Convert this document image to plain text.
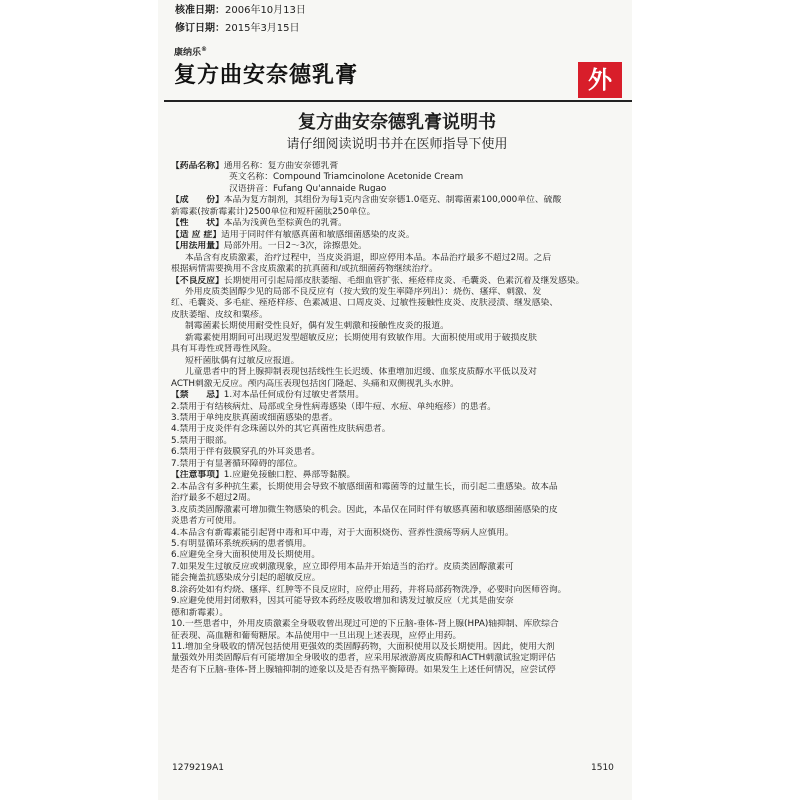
核准日期：2006年10月13日
修订日期：2015年3月15日
康纳乐®
复方曲安奈德乳膏	外
复方曲安奈德乳膏说明书
请仔细阅读说明书并在医师指导下使用
【药品名称】通用名称：复方曲安奈德乳膏
英文名称：Compound Triamcinolone Acetonide Cream
汉语拼音：Fufang Qu'annaide Rugao
【成　　份】本品为复方制剂，其组份为每1克内含曲安奈德1.0毫克、制霉菌素100,000单位、硫酸
新霉素(按新霉素计)2500单位和短杆菌肽250单位。
【性　　状】本品为浅黄色至棕黄色的乳膏。
【适 应 症】适用于同时伴有敏感真菌和敏感细菌感染的皮炎。
【用法用量】局部外用。一日2～3次，涂擦患处。
本品含有皮质激素，治疗过程中，当皮炎消退，即应停用本品。本品治疗最多不超过2周。之后
根据病情需要换用不含皮质激素的抗真菌和/或抗细菌药物继续治疗。
【不良反应】长期使用可引起局部皮肤萎缩、毛细血管扩张、痤疮样皮炎、毛囊炎、色素沉着及继发感染。
外用皮质类固醇少见的局部不良反应有（按大致的发生率降序列出）：烧伤、瘙痒、刺激、发
红、毛囊炎、多毛症、痤疮样疹、色素减退、口周皮炎、过敏性接触性皮炎、皮肤浸渍、继发感染、
皮肤萎缩、皮纹和粟疹。
制霉菌素长期使用耐受性良好，偶有发生刺激和接触性皮炎的报道。
新霉素使用期间可出现迟发型超敏反应；长期使用有致敏作用。大面积使用或用于破损皮肤
具有耳毒性或肾毒性风险。
短杆菌肽偶有过敏反应报道。
儿童患者中的肾上腺抑制表现包括线性生长迟缓、体重增加迟缓、血浆皮质醇水平低以及对
ACTH刺激无反应。颅内高压表现包括囟门隆起、头痛和双侧视乳头水肿。
【禁　　忌】1.对本品任何成份有过敏史者禁用。
2.禁用于有结核病灶、局部或全身性病毒感染（即牛痘、水痘、单纯疱疹）的患者。
3.禁用于单纯皮肤真菌或细菌感染的患者。
4.禁用于皮炎伴有念珠菌以外的其它真菌性皮肤病患者。
5.禁用于眼部。
6.禁用于伴有鼓膜穿孔的外耳炎患者。
7.禁用于有显著循环障碍的部位。
【注意事项】1.应避免接触口腔、鼻部等黏膜。
2.本品含有多种抗生素，长期使用会导致不敏感细菌和霉菌等的过量生长，而引起二重感染。故本品
治疗最多不超过2周。
3.皮质类固醇激素可增加微生物感染的机会。因此，本品仅在同时伴有敏感真菌和敏感细菌感染的皮
炎患者方可使用。
4.本品含有新霉素能引起肾中毒和耳中毒，对于大面积烧伤、营养性溃疡等病人应慎用。
5.有明显循环系统疾病的患者慎用。
6.应避免全身大面积使用及长期使用。
7.如果发生过敏反应或刺激现象，应立即停用本品并开始适当的治疗。皮质类固醇激素可
能会掩盖抗感染成分引起的超敏反应。
8.涂药处如有灼烧、瘙痒、红肿等不良反应时，应停止用药，并将局部药物洗净，必要时向医师咨询。
9.应避免使用封闭敷料，因其可能导致本药经皮吸收增加和诱发过敏反应（尤其是曲安奈
德和新霉素）。
10.一些患者中，外用皮质激素全身吸收曾出现过可逆的下丘脑-垂体-肾上腺(HPA)轴抑制、库欣综合
征表现、高血糖和葡萄糖尿。本品使用中一旦出现上述表现，应停止用药。
11.增加全身吸收的情况包括使用更强效的类固醇药物，大面积使用以及长期使用。因此，使用大剂
量强效外用类固醇后有可能增加全身吸收的患者，应采用尿液游离皮质醇和ACTH刺激试验定期评估
是否有下丘脑-垂体-肾上腺轴抑制的迹象以及是否有热平衡障碍。如果发生上述任何情况，应尝试停
1279219A1	1510
